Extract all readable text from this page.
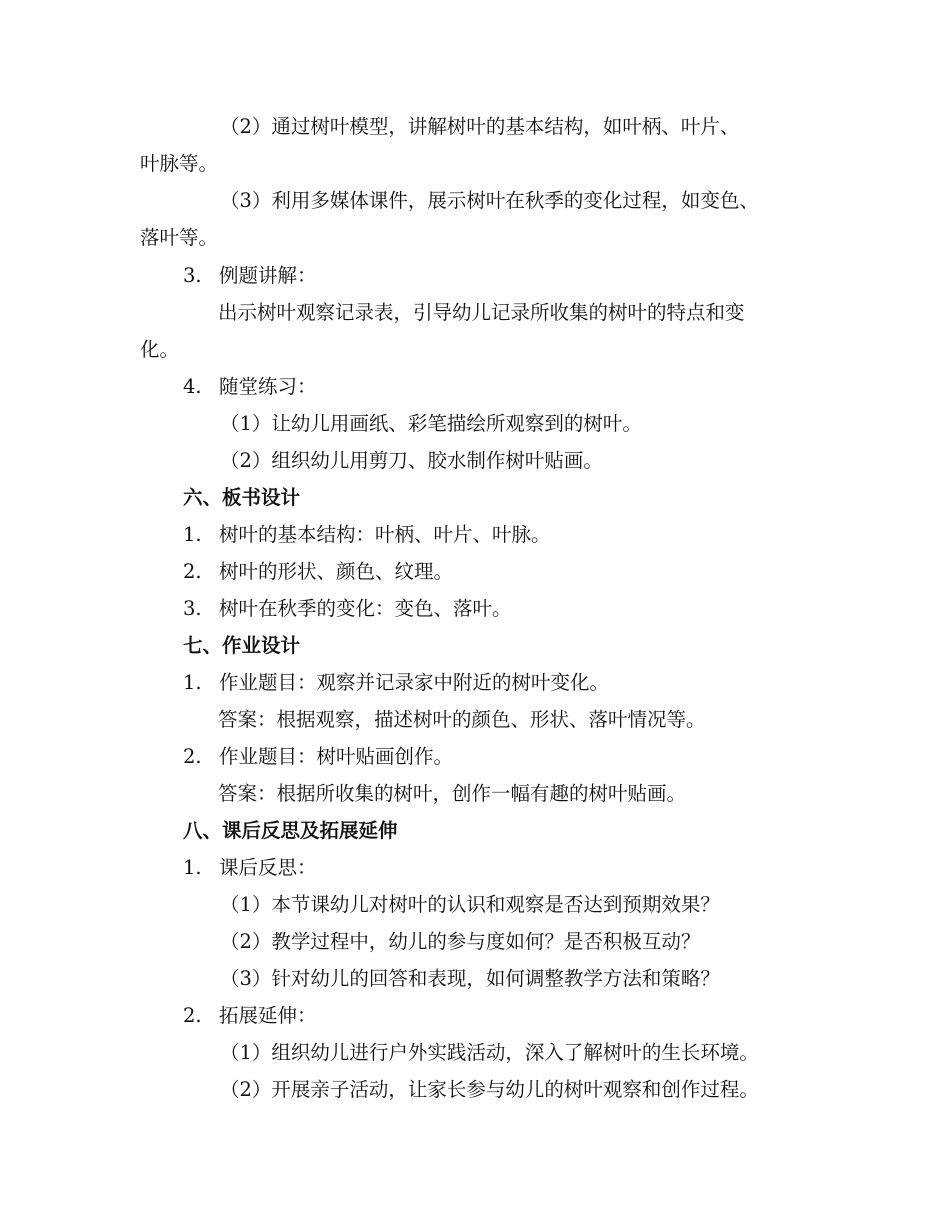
（2）通过树叶模型，讲解树叶的基本结构，如叶柄、叶片、
叶脉等。
（3）利用多媒体课件，展示树叶在秋季的变化过程，如变色、
落叶等。
3. 例题讲解：
出示树叶观察记录表，引导幼儿记录所收集的树叶的特点和变
化。
4. 随堂练习：
（1）让幼儿用画纸、彩笔描绘所观察到的树叶。
（2）组织幼儿用剪刀、胶水制作树叶贴画。
六、板书设计
1. 树叶的基本结构：叶柄、叶片、叶脉。
2. 树叶的形状、颜色、纹理。
3. 树叶在秋季的变化：变色、落叶。
七、作业设计
1. 作业题目：观察并记录家中附近的树叶变化。
答案：根据观察，描述树叶的颜色、形状、落叶情况等。
2. 作业题目：树叶贴画创作。
答案：根据所收集的树叶，创作一幅有趣的树叶贴画。
八、课后反思及拓展延伸
1. 课后反思：
（1）本节课幼儿对树叶的认识和观察是否达到预期效果？
（2）教学过程中，幼儿的参与度如何？是否积极互动？
（3）针对幼儿的回答和表现，如何调整教学方法和策略？
2. 拓展延伸：
（1）组织幼儿进行户外实践活动，深入了解树叶的生长环境。
（2）开展亲子活动，让家长参与幼儿的树叶观察和创作过程。
